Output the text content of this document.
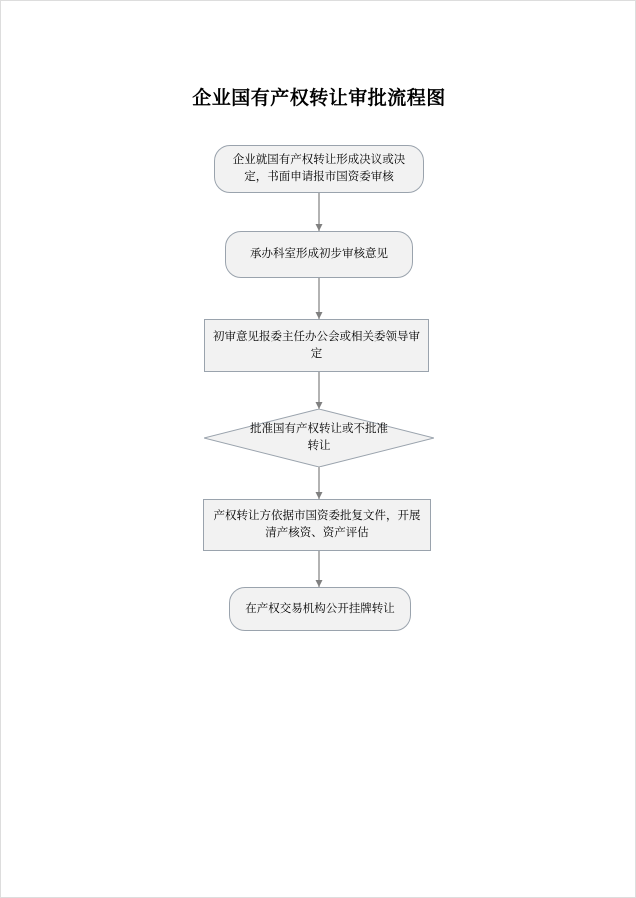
企业国有产权转让审批流程图
企业就国有产权转让形成决议或决定，书面申请报市国资委审核
承办科室形成初步审核意见
初审意见报委主任办公会或相关委领导审定
批准国有产权转让或不批准转让
产权转让方依据市国资委批复文件，开展清产核资、资产评估
在产权交易机构公开挂牌转让
